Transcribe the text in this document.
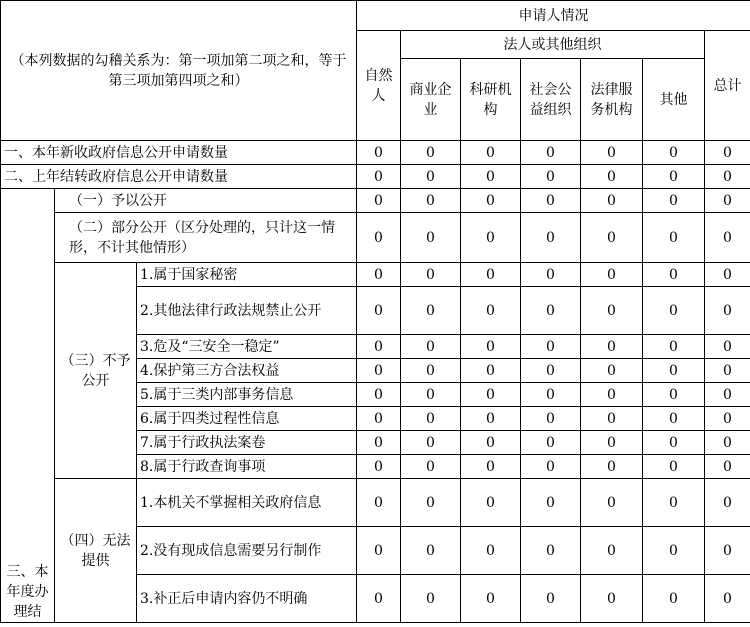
（本列数据的勾稽关系为：第一项加第二项之和，等于第三项加第四项之和）			申请人情况						
			自然人	法人或其他组织					总计
				商业企业	科研机构	社会公益组织	法律服务机构	其他	
一、本年新收政府信息公开申请数量			0	0	0	0	0	0	0
二、上年结转政府信息公开申请数量			0	0	0	0	0	0	0
三、本年度办理结	（一）予以公开		0	0	0	0	0	0	0
	（二）部分公开（区分处理的，只计这一情形，不计其他情形）		0	0	0	0	0	0	0
	（三）不予公开	1.属于国家秘密	0	0	0	0	0	0	0
		2.其他法律行政法规禁止公开	0	0	0	0	0	0	0
		3.危及“三安全一稳定”	0	0	0	0	0	0	0
		4.保护第三方合法权益	0	0	0	0	0	0	0
		5.属于三类内部事务信息	0	0	0	0	0	0	0
		6.属于四类过程性信息	0	0	0	0	0	0	0
		7.属于行政执法案卷	0	0	0	0	0	0	0
		8.属于行政查询事项	0	0	0	0	0	0	0
	（四）无法提供	1.本机关不掌握相关政府信息	0	0	0	0	0	0	0
		2.没有现成信息需要另行制作	0	0	0	0	0	0	0
		3.补正后申请内容仍不明确	0	0	0	0	0	0	0
